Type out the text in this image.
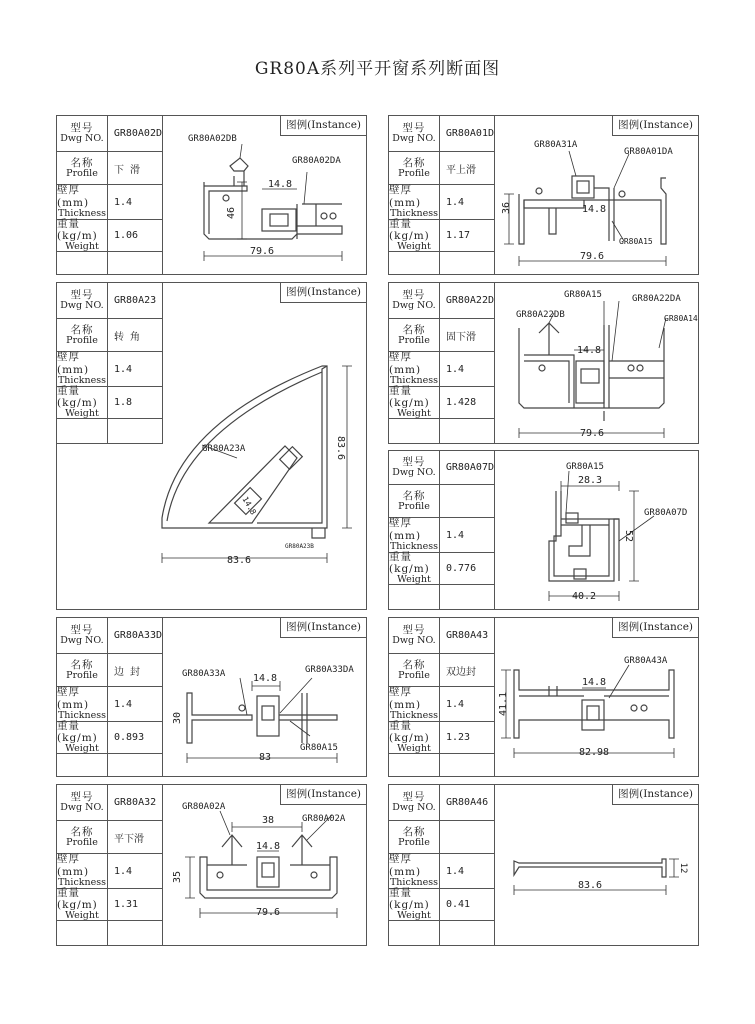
GR80A系列平开窗系列断面图
型号
Dwg NO.	GR80A02D
名称
Profile	下 滑
壁厚 (mm)
Thickness
1.4
重量 (kg/m)
Weight
1.06
图例(Instance)
79.6
46
14.8
GR80A02DB
GR80A02DA
型号
Dwg NO.	GR80A01D
名称
Profile	平上滑
壁厚 (mm)
Thickness
1.4
重量 (kg/m)
Weight
1.17
图例(Instance)
79.6
36	14.8
GR80A31A
GR80A01DA
GR80A15
型号
Dwg NO.	GR80A23
名称
Profile	转 角
壁厚 (mm)
Thickness
1.4
重量 (kg/m)
Weight
1.8
图例(Instance)
83.6
83.6
14.8
GR80A23A
GR80A23B
型号
Dwg NO.	GR80A22D
名称
Profile	固下滑
壁厚 (mm)
Thickness
1.4
重量 (kg/m)
Weight
1.428
79.6
14.8
GR80A15	GR80A22DA
GR80A22DB	GR80A14
型号
Dwg NO.	GR80A07D
名称
Profile
壁厚 (mm)
Thickness
1.4
重量 (kg/m)
Weight
0.776
40.2
28.3
52
GR80A15
GR80A07D
型号
Dwg NO.	GR80A33D
名称
Profile	边 封
壁厚 (mm)
Thickness
1.4
重量 (kg/m)
Weight
0.893
图例(Instance)
83
30
14.8
GR80A33A	GR80A33DA
GR80A15
型号
Dwg NO.	GR80A43
名称
Profile	双边封
壁厚 (mm)
Thickness
1.4
重量 (kg/m)
Weight
1.23
图例(Instance)
82.98
41.1
14.8
GR80A43A
型号
Dwg NO.	GR80A32
名称
Profile	平下滑
壁厚 (mm)
Thickness
1.4
重量 (kg/m)
Weight
1.31
图例(Instance)
79.6
35
38
14.8
GR80A02A
GR80A02A
型号
Dwg NO.	GR80A46
名称
Profile
壁厚 (mm)
Thickness
1.4
重量 (kg/m)
Weight
0.41
图例(Instance)
83.6
12
